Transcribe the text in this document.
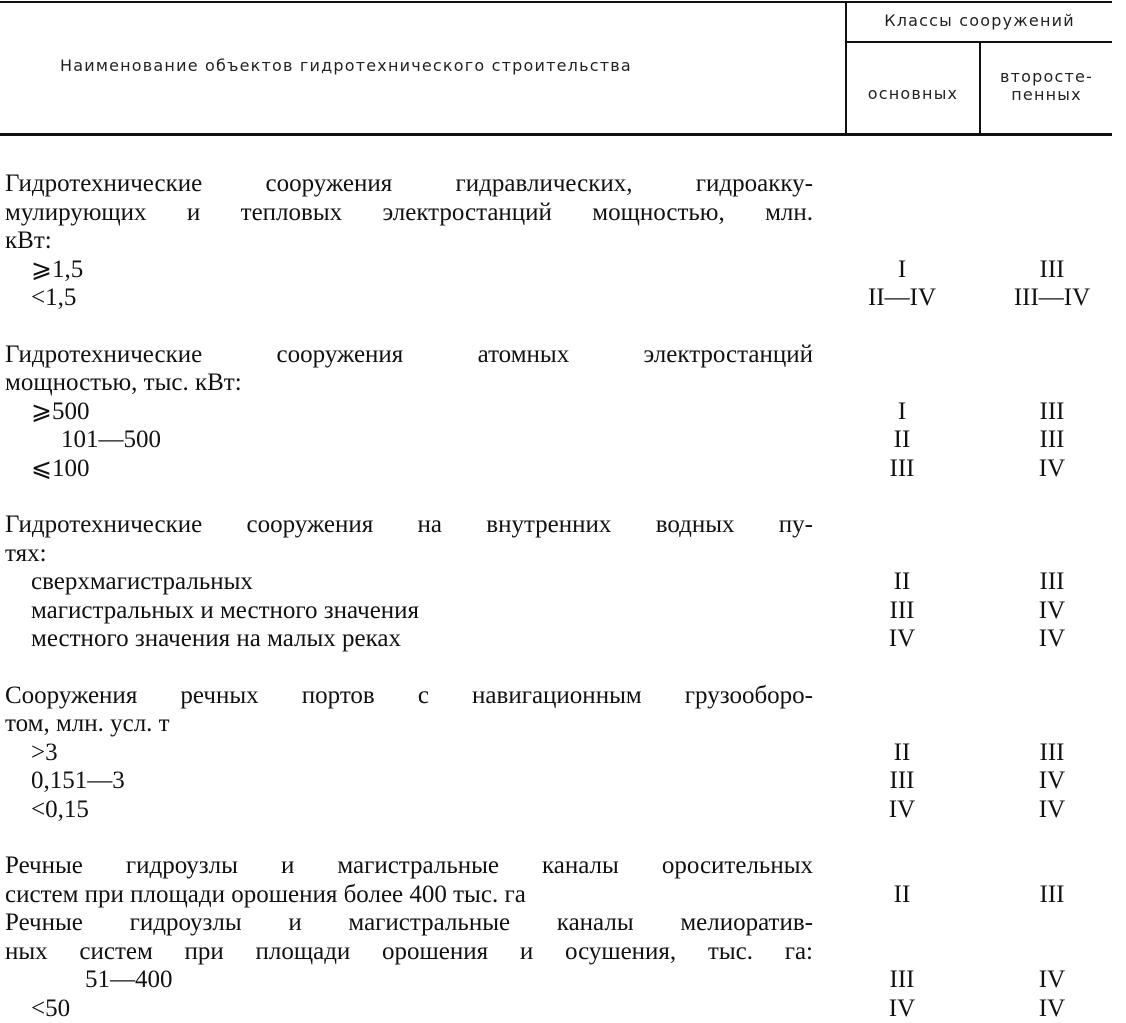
Наименование объектов гидротехнического строительства
Классы сооружений
основных
второсте-
пенных
Гидротехнические сооружения гидравлических, гидроакку-
мулирующих и тепловых электростанций мощностью, млн.
кВт:
⩾1,5	I	III
<1,5	II—IV	III—IV
Гидротехнические сооружения атомных электростанций
мощностью, тыс. кВт:
⩾500	I	III
101—500	II	III
⩽100	III	IV
Гидротехнические сооружения на внутренних водных пу-
тях:
сверхмагистральных	II	III
магистральных и местного значения	III	IV
местного значения на малых реках	IV	IV
Сооружения речных портов с навигационным грузооборо-
том, млн. усл. т
>3	II	III
0,151—3	III	IV
<0,15	IV	IV
Речные гидроузлы и магистральные каналы оросительных
систем при площади орошения более 400 тыс. га	II	III
Речные гидроузлы и магистральные каналы мелиоратив-
ных систем при площади орошения и осушения, тыс. га:
51—400	III	IV
<50	IV	IV
